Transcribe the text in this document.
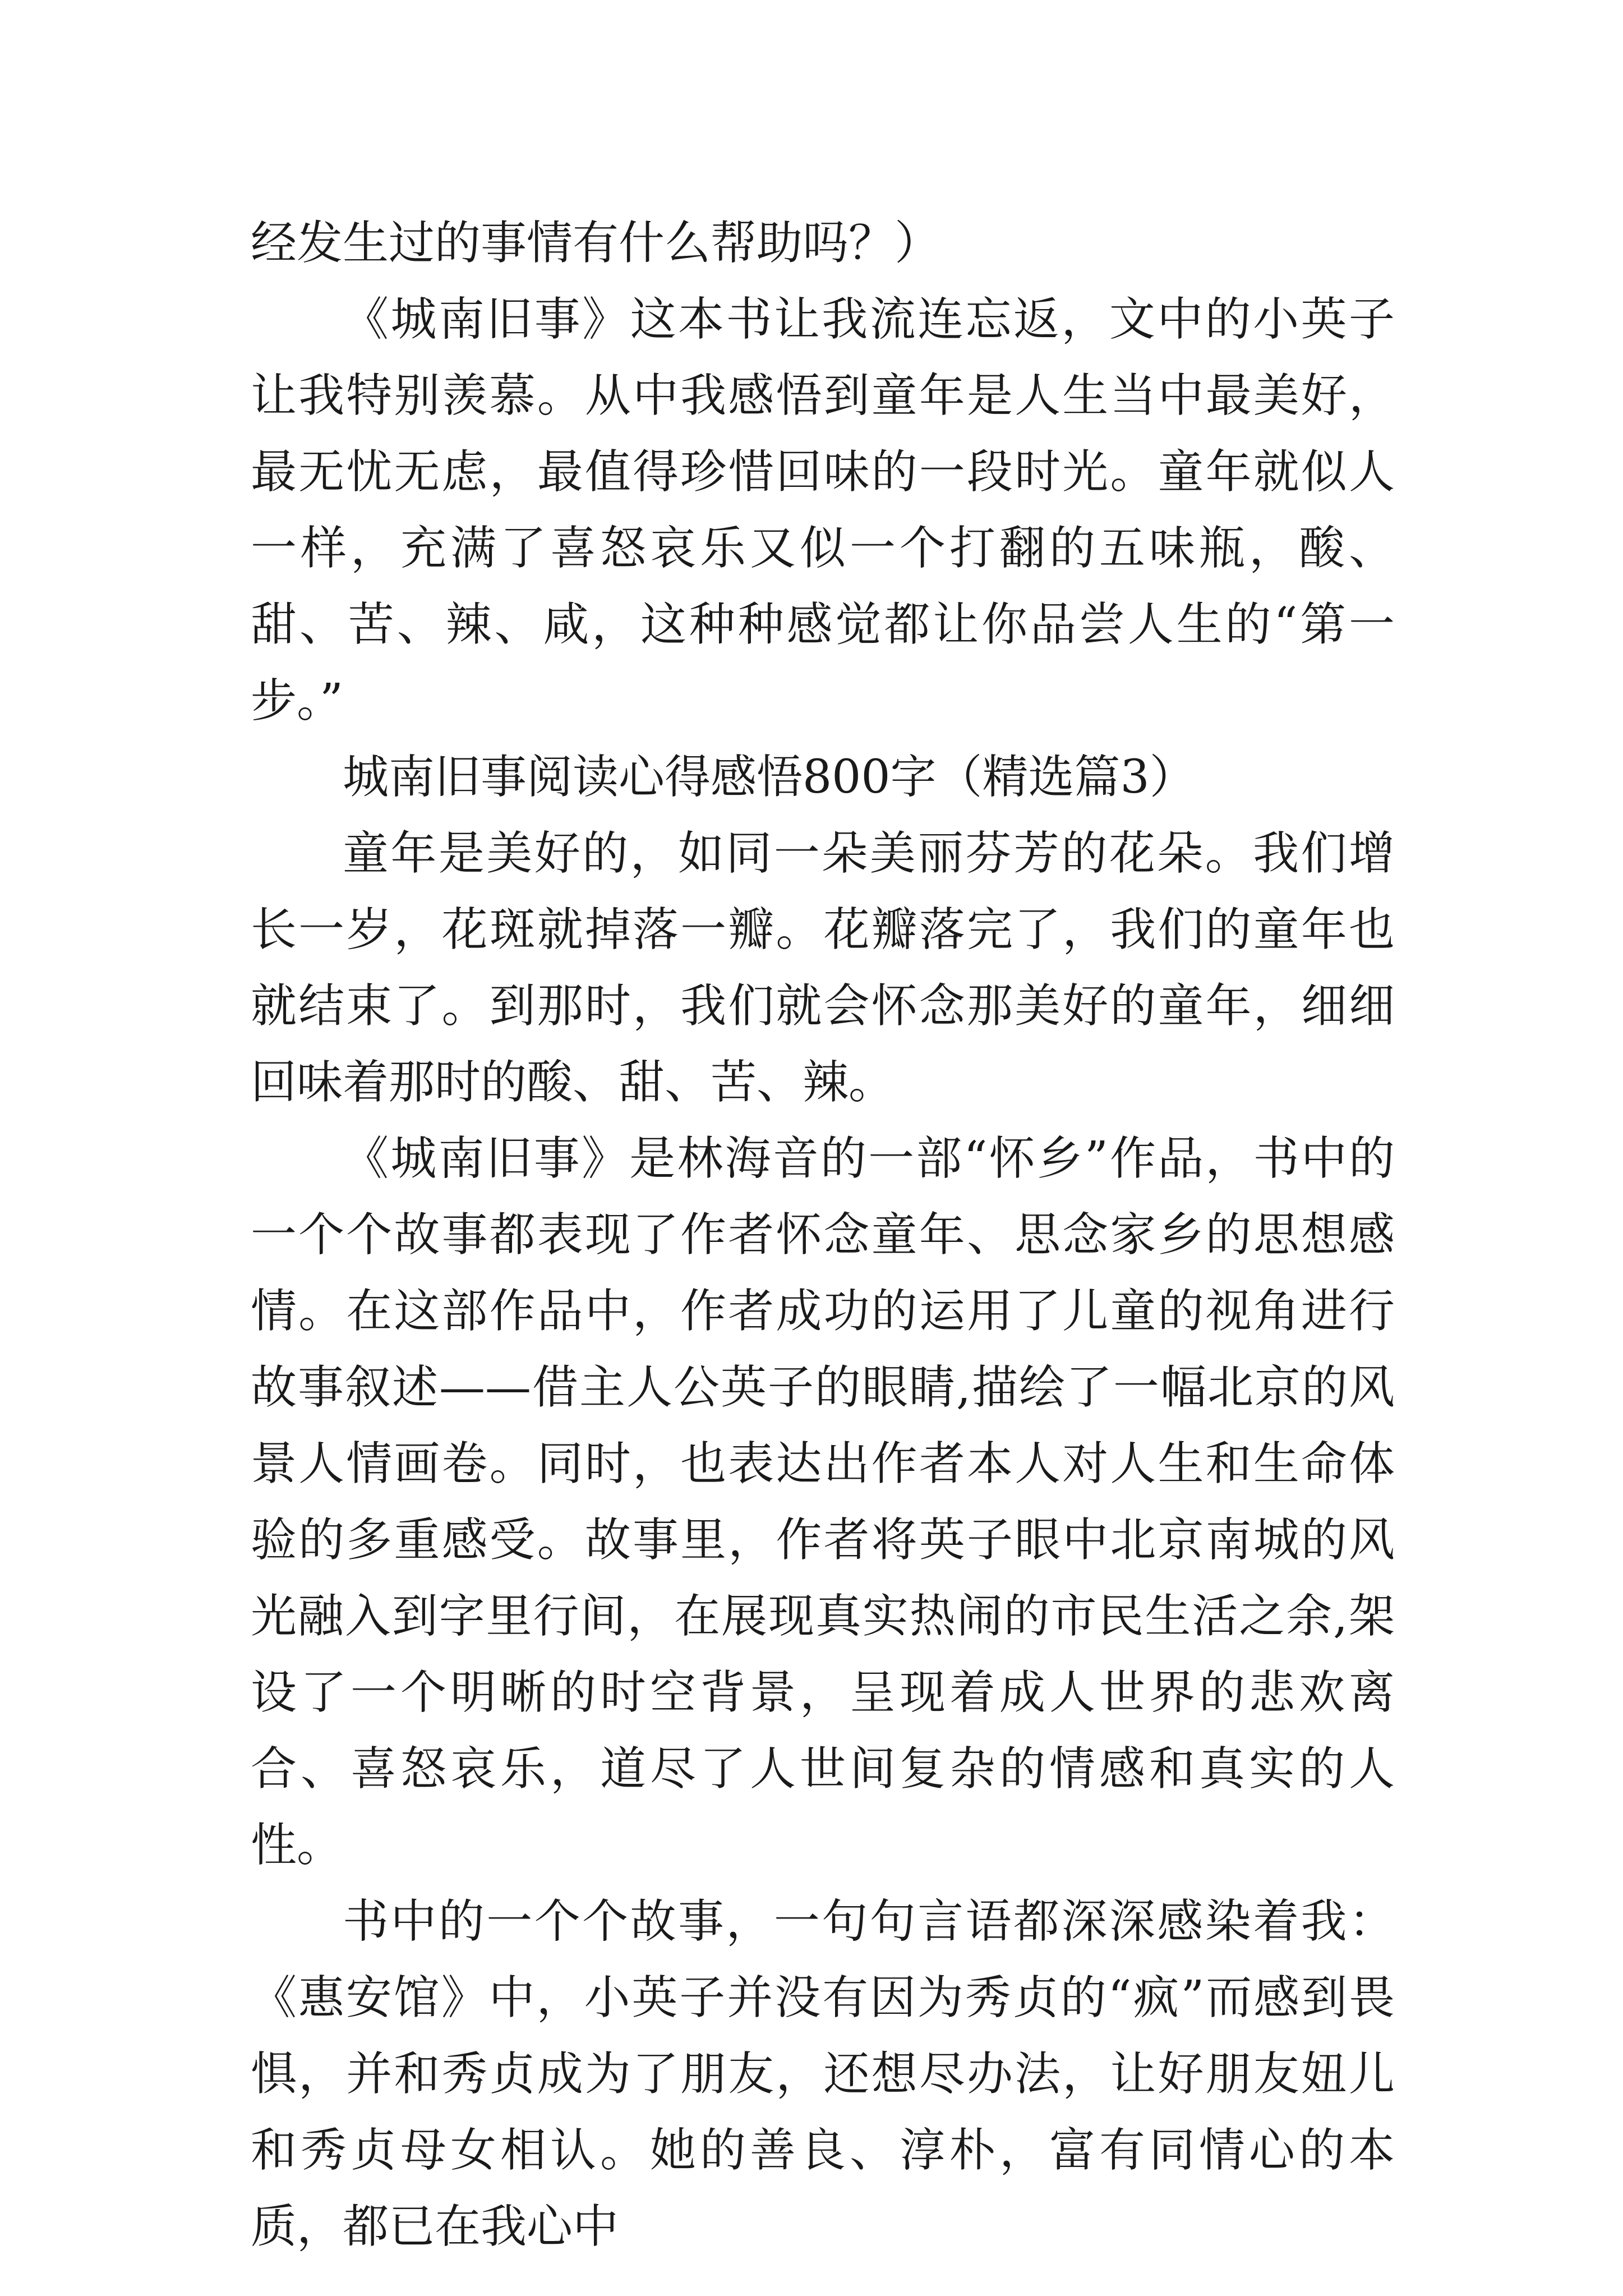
经发生过的事情有什么帮助吗？）

《城南旧事》这本书让我流连忘返，文中的小英子让我特别羡慕。从中我感悟到童年是人生当中最美好，最无忧无虑，最值得珍惜回味的一段时光。童年就似人一样，充满了喜怒哀乐又似一个打翻的五味瓶，酸、甜、苦、辣、咸，这种种感觉都让你品尝人生的“第一步。”

城南旧事阅读心得感悟800字（精选篇3）

童年是美好的，如同一朵美丽芬芳的花朵。我们增长一岁，花斑就掉落一瓣。花瓣落完了，我们的童年也就结束了。到那时，我们就会怀念那美好的童年，细细回味着那时的酸、甜、苦、辣。

《城南旧事》是林海音的一部“怀乡”作品，书中的一个个故事都表现了作者怀念童年、思念家乡的思想感情。在这部作品中，作者成功的运用了儿童的视角进行故事叙述——借主人公英子的眼睛,描绘了一幅北京的风景人情画卷。同时，也表达出作者本人对人生和生命体验的多重感受。故事里，作者将英子眼中北京南城的风光融入到字里行间，在展现真实热闹的市民生活之余,架设了一个明晰的时空背景，呈现着成人世界的悲欢离合、喜怒哀乐，道尽了人世间复杂的情感和真实的人性。

书中的一个个故事，一句句言语都深深感染着我：《惠安馆》中，小英子并没有因为秀贞的“疯”而感到畏惧，并和秀贞成为了朋友，还想尽办法，让好朋友妞儿和秀贞母女相认。她的善良、淳朴，富有同情心的本质，都已在我心中
